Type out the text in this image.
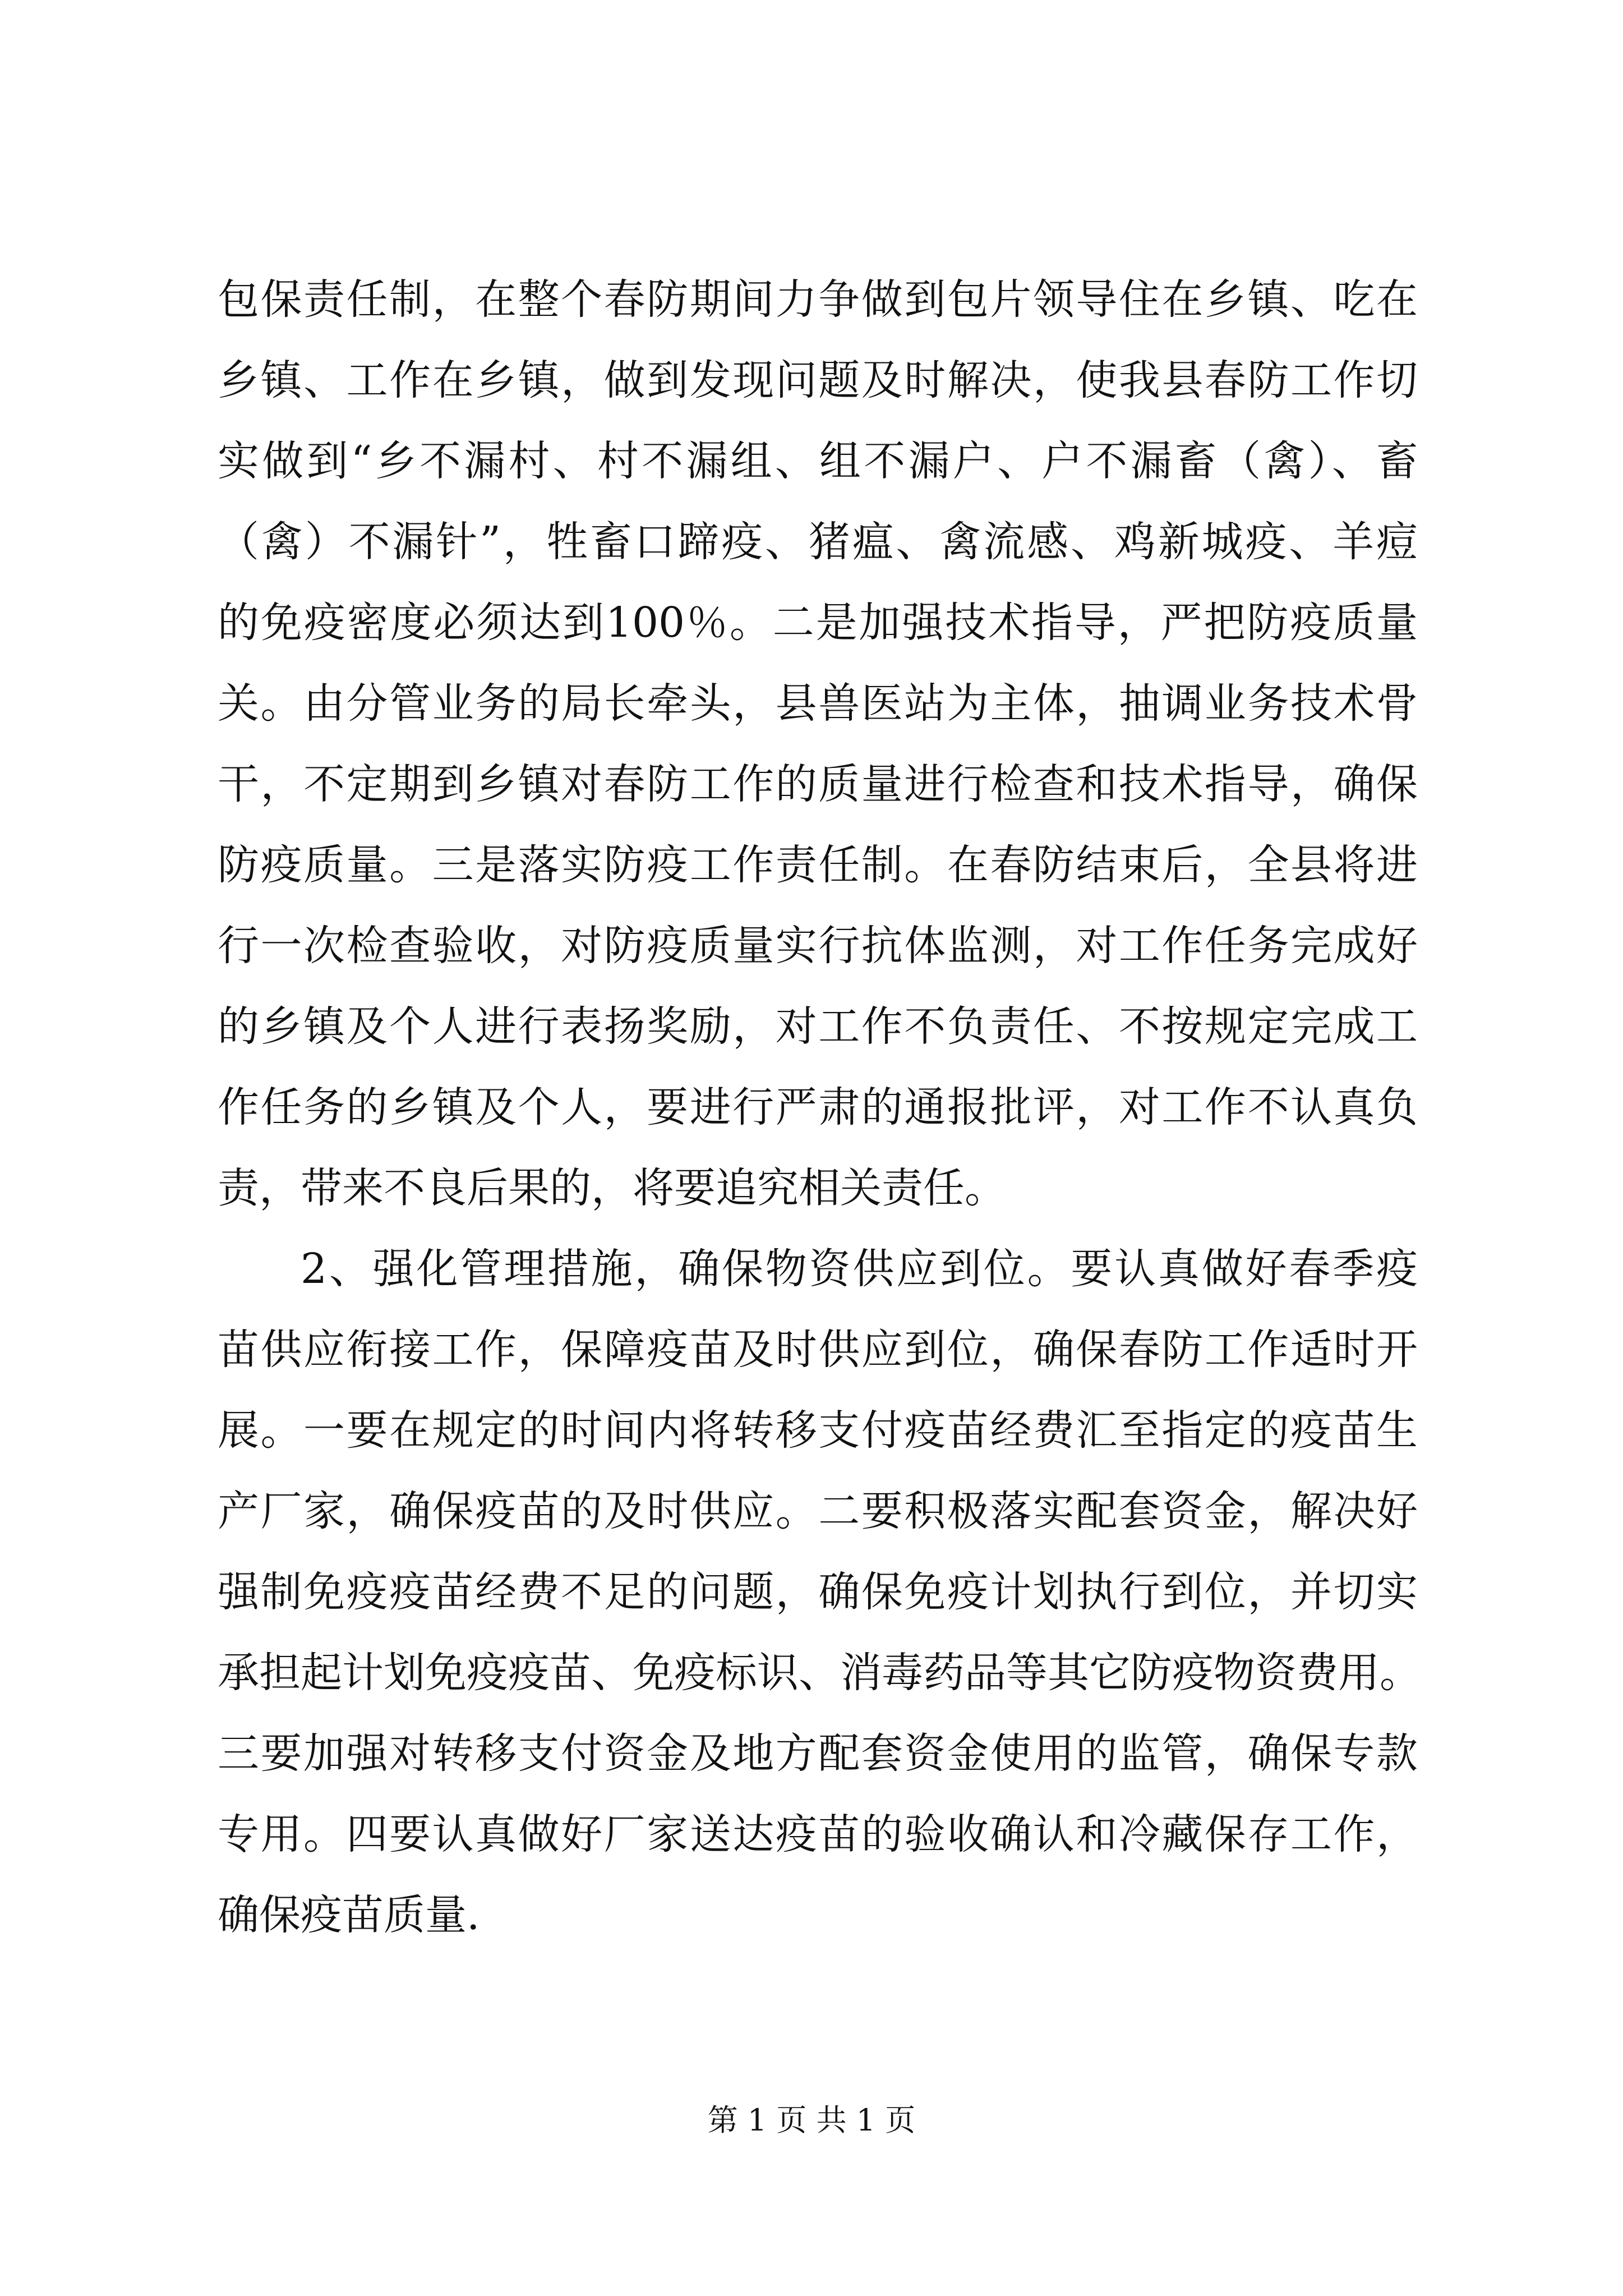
包保责任制，在整个春防期间力争做到包片领导住在乡镇、吃在
乡镇、工作在乡镇，做到发现问题及时解决，使我县春防工作切
实做到“乡不漏村、村不漏组、组不漏户、户不漏畜（禽）、畜
（禽）不漏针”，牲畜口蹄疫、猪瘟、禽流感、鸡新城疫、羊痘
的免疫密度必须达到100％。二是加强技术指导，严把防疫质量
关。由分管业务的局长牵头，县兽医站为主体，抽调业务技术骨
干，不定期到乡镇对春防工作的质量进行检查和技术指导，确保
防疫质量。三是落实防疫工作责任制。在春防结束后，全县将进
行一次检查验收，对防疫质量实行抗体监测，对工作任务完成好
的乡镇及个人进行表扬奖励，对工作不负责任、不按规定完成工
作任务的乡镇及个人，要进行严肃的通报批评，对工作不认真负
责，带来不良后果的，将要追究相关责任。
2、强化管理措施，确保物资供应到位。要认真做好春季疫
苗供应衔接工作，保障疫苗及时供应到位，确保春防工作适时开
展。一要在规定的时间内将转移支付疫苗经费汇至指定的疫苗生
产厂家，确保疫苗的及时供应。二要积极落实配套资金，解决好
强制免疫疫苗经费不足的问题，确保免疫计划执行到位，并切实
承担起计划免疫疫苗、免疫标识、消毒药品等其它防疫物资费用。
三要加强对转移支付资金及地方配套资金使用的监管，确保专款
专用。四要认真做好厂家送达疫苗的验收确认和冷藏保存工作，
确保疫苗质量.
第 1 页 共 1 页
